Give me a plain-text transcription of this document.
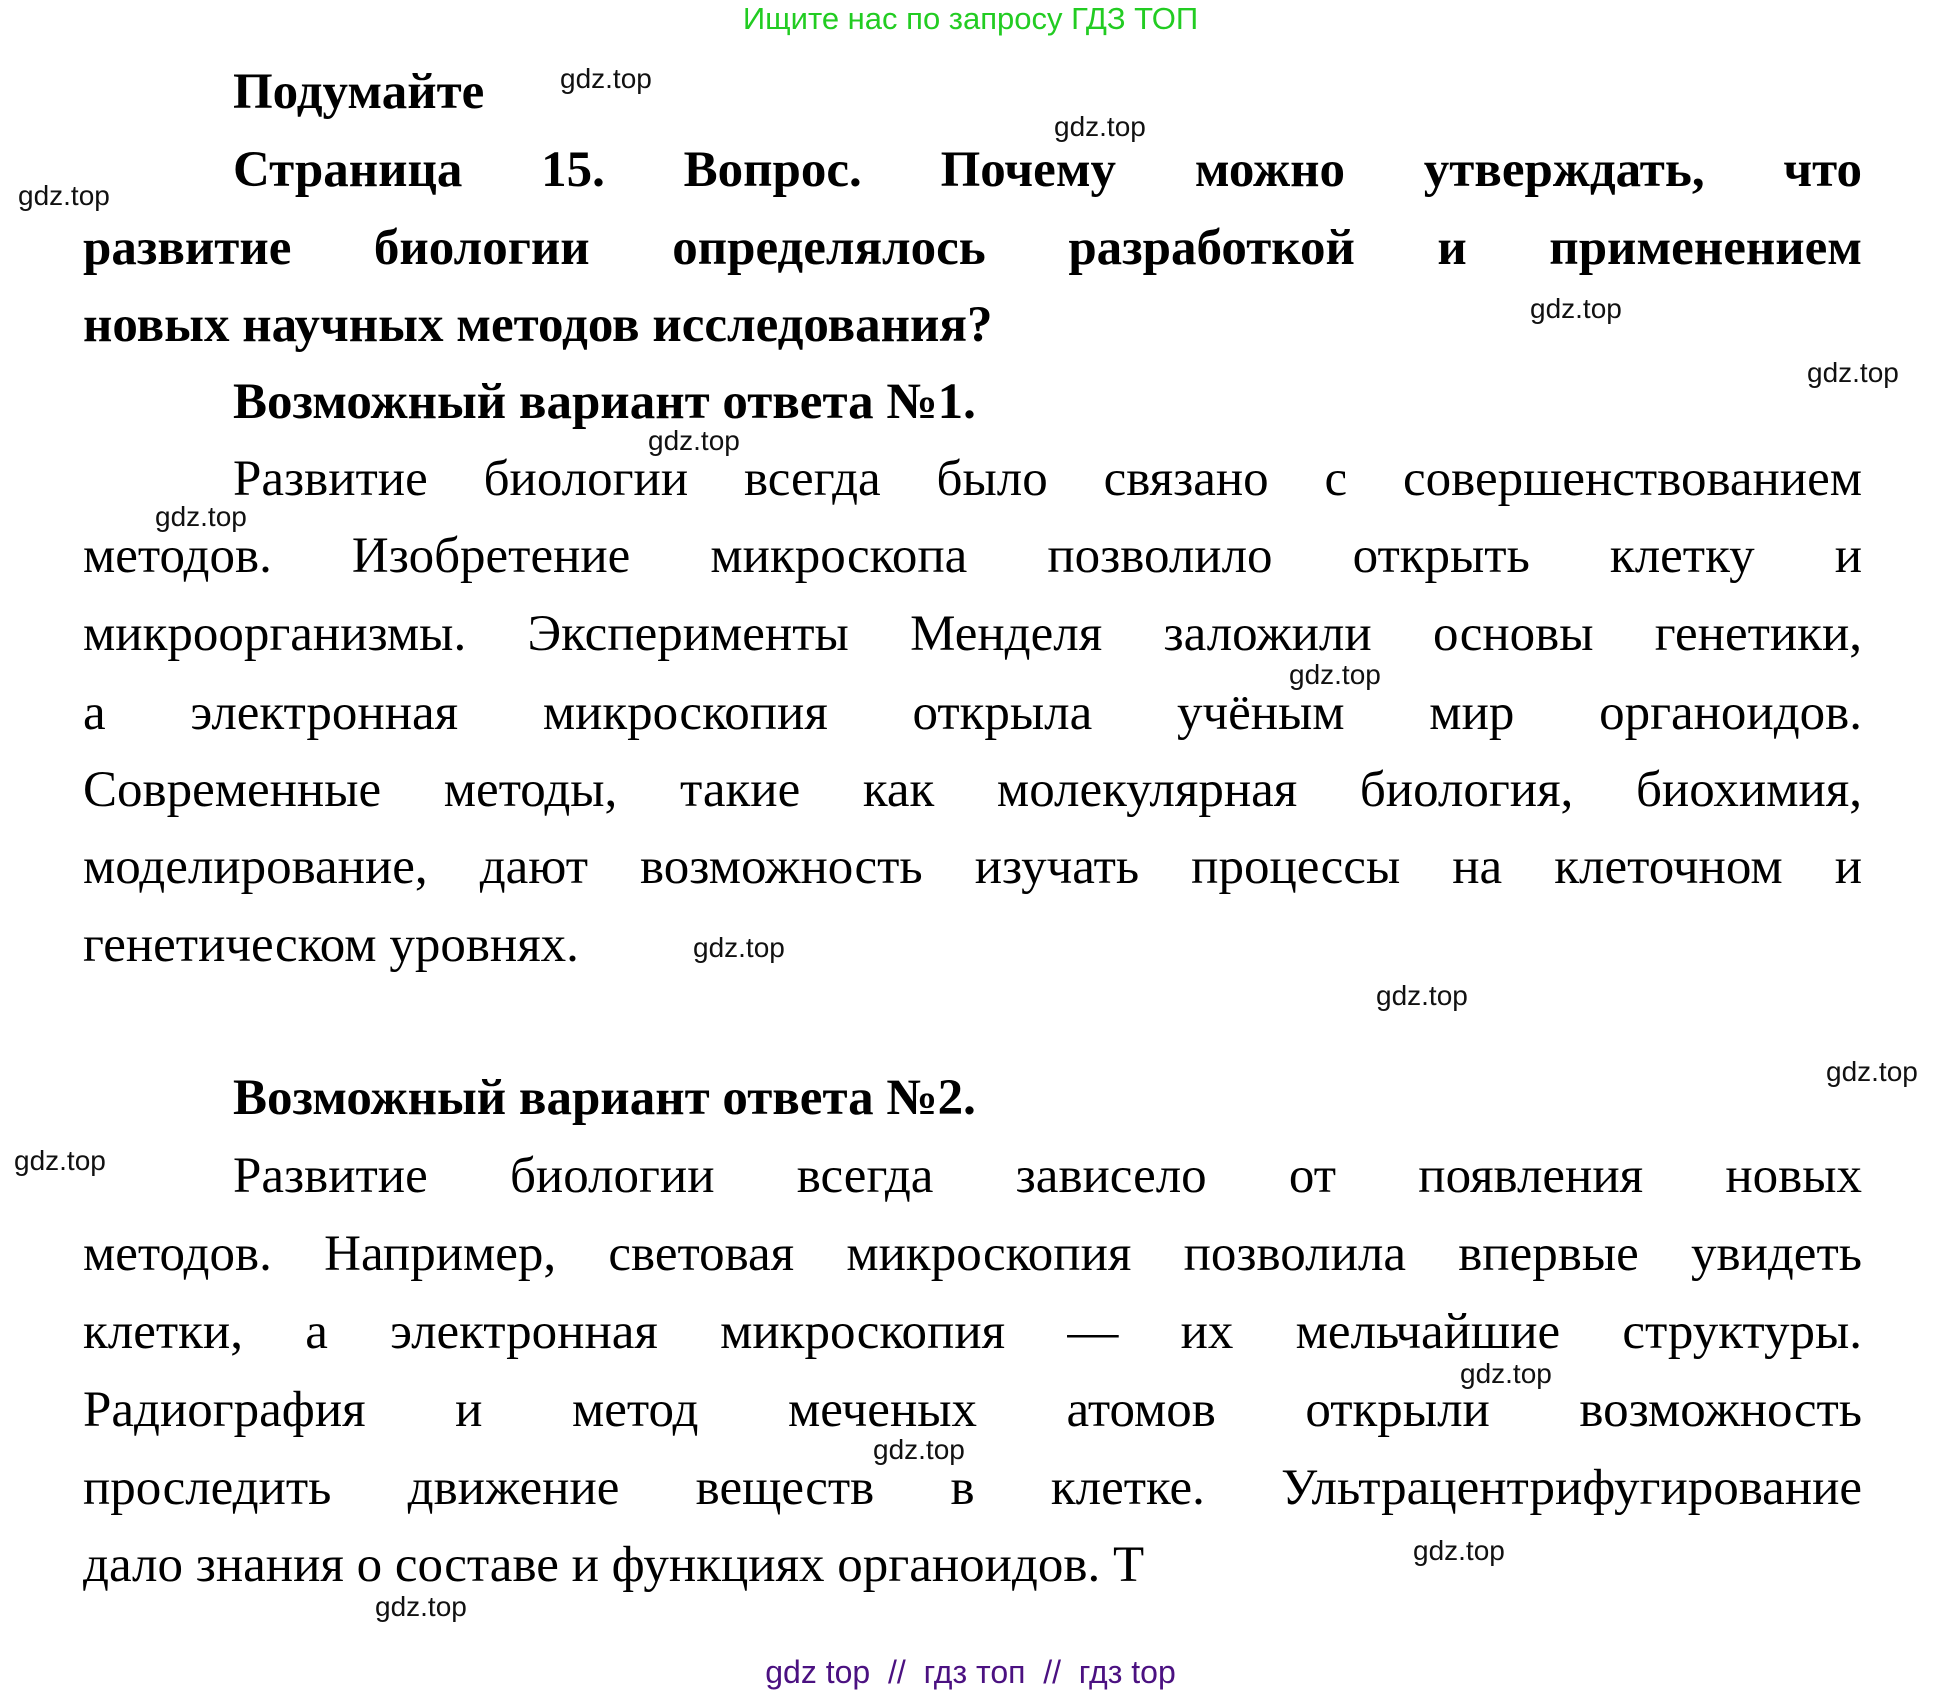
Ищите нас по запросу ГДЗ ТОП
Подумайте
Страница 15. Вопрос. Почему можно утверждать, что
развитие биологии определялось разработкой и применением
новых научных методов исследования?
Возможный вариант ответа №1.
Развитие биологии всегда было связано с совершенствованием
методов. Изобретение микроскопа позволило открыть клетку и
микроорганизмы. Эксперименты Менделя заложили основы генетики,
а электронная микроскопия открыла учёным мир органоидов.
Современные методы, такие как молекулярная биология, биохимия,
моделирование, дают возможность изучать процессы на клеточном и
генетическом уровнях.
Возможный вариант ответа №2.
Развитие биологии всегда зависело от появления новых
методов. Например, световая микроскопия позволила впервые увидеть
клетки, а электронная микроскопия — их мельчайшие структуры.
Радиография и метод меченых атомов открыли возможность
проследить движение веществ в клетке. Ультрацентрифугирование
дало знания о составе и функциях органоидов. Т
gdz.top
gdz.top
gdz.top
gdz.top
gdz.top
gdz.top
gdz.top
gdz.top
gdz.top
gdz.top
gdz.top
gdz.top
gdz.top
gdz.top
gdz.top
gdz.top
gdz top  //  гдз топ  //  гдз top
